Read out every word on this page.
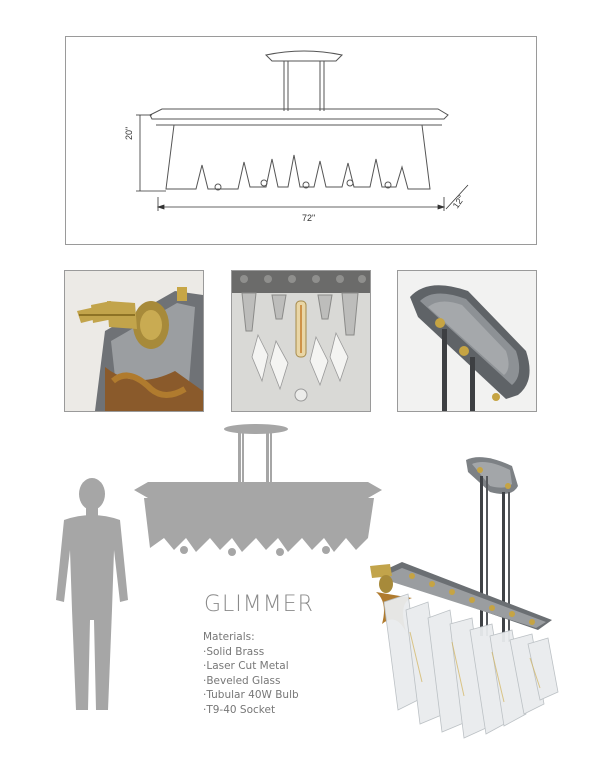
20"
72"
12"
GLIMMER
Materials:
·Solid Brass
·Laser Cut Metal
·Beveled Glass
·Tubular 40W Bulb
·T9-40 Socket
